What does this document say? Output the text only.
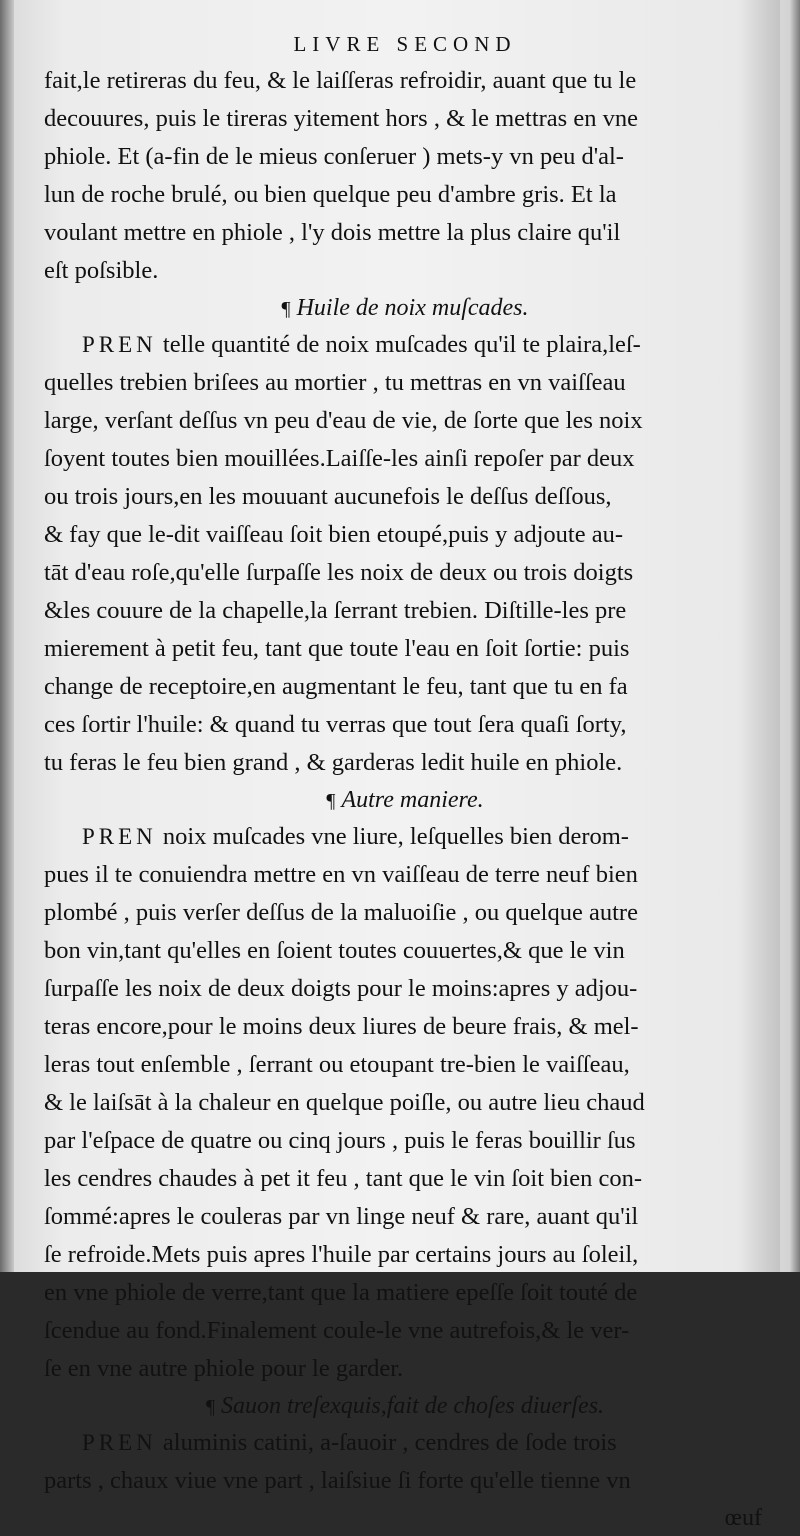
LIVRE SECOND
fait,le retireras du feu, & le laiſſeras refroidir, auant que tu le
decouures, puis le tireras yitement hors , & le mettras en vne
phiole. Et (a-fin de le mieus conſeruer ) mets-y vn peu d'al-
lun de roche brulé, ou bien quelque peu d'ambre gris. Et la
voulant mettre en phiole , l'y dois mettre la plus claire qu'il
eſt poſsible.
¶ Huile de noix muſcades.
PREN telle quantité de noix muſcades qu'il te plaira,leſ-
quelles trebien briſees au mortier , tu mettras en vn vaiſſeau
large, verſant deſſus vn peu d'eau de vie, de ſorte que les noix
ſoyent toutes bien mouillées.Laiſſe-les ainſi repoſer par deux
ou trois jours,en les mouuant aucunefois le deſſus deſſous,
& fay que le-dit vaiſſeau ſoit bien etoupé,puis y adjoute au-
tāt d'eau roſe,qu'elle ſurpaſſe les noix de deux ou trois doigts
&les couure de la chapelle,la ſerrant trebien. Diſtille-les pre
mierement à petit feu, tant que toute l'eau en ſoit ſortie: puis
change de receptoire,en augmentant le feu, tant que tu en fa
ces ſortir l'huile: & quand tu verras que tout ſera quaſi ſorty,
tu feras le feu bien grand , & garderas ledit huile en phiole.
¶ Autre maniere.
PREN noix muſcades vne liure, leſquelles bien derom-
pues il te conuiendra mettre en vn vaiſſeau de terre neuf bien
plombé , puis verſer deſſus de la maluoiſie , ou quelque autre
bon vin,tant qu'elles en ſoient toutes couuertes,& que le vin
ſurpaſſe les noix de deux doigts pour le moins:apres y adjou-
teras encore,pour le moins deux liures de beure frais, & mel-
leras tout enſemble , ſerrant ou etoupant tre-bien le vaiſſeau,
& le laiſsāt à la chaleur en quelque poiſle, ou autre lieu chaud
par l'eſpace de quatre ou cinq jours , puis le feras bouillir ſus
les cendres chaudes à pet it feu , tant que le vin ſoit bien con-
ſommé:apres le couleras par vn linge neuf & rare, auant qu'il
ſe refroide.Mets puis apres l'huile par certains jours au ſoleil,
en vne phiole de verre,tant que la matiere epeſſe ſoit touté de
ſcendue au fond.Finalement coule-le vne autrefois,& le ver-
ſe en vne autre phiole pour le garder.
¶ Sauon treſexquis,fait de choſes diuerſes.
PREN aluminis catini, a-ſauoir , cendres de ſode trois
parts , chaux viue vne part , laiſsiue ſi forte qu'elle tienne vn
œuf
